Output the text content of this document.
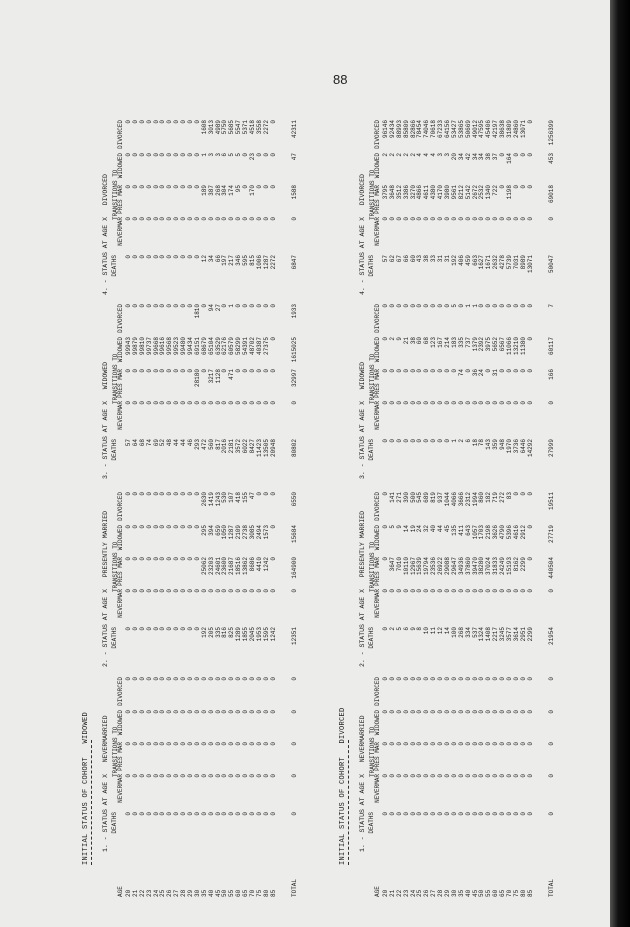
88
INITIAL STATUS OF COHORT   WIDOWED
AGE 20 21 22 23 24 25 26 27 28 29 30 35 40 45 50 55 60 65 70 75 80 85 TOTAL
1. - STATUS AT AGE X   NEVERMARRIED TRANSITIONS TO
DEATHS 0 0 0 0 0 0 0 0 0 0 0 0 0 0 0 0 0 0 0 0 0 0 0
NEVERMAR 0 0 0 0 0 0 0 0 0 0 0 0 0 0 0 0 0 0 0 0 0 0 0
PRES MAR 0 0 0 0 0 0 0 0 0 0 0 0 0 0 0 0 0 0 0 0 0 0 0
WIDOWED 0 0 0 0 0 0 0 0 0 0 0 0 0 0 0 0 0 0 0 0 0 0 0
DIVORCED 0 0 0 0 0 0 0 0 0 0 0 0 0 0 0 0 0 0 0 0 0 0 0
2. - STATUS AT AGE X   PRESENTLY MARRIED TRANSITIONS TO
DEATHS 0 0 0 0 0 0 0 0 0 0 0 192 205 335 816 825 1289 1855 2045 1953 1595 1242 12351
NEVERMAR 0 0 0 0 0 0 0 0 0 0 0 0 0 0 0 0 0 0 0 0 0 0 0
PRES MAR 0 0 0 0 0 0 0 0 0 0 0 25062 23203 24601 23600 21687 18516 13862 8686 4410 1242 0 164900
WIDOWED 0 0 0 0 0 0 0 0 0 0 0 295 394 659 1050 1287 2109 2738 3085 2494 1573 0 15684
DIVORCED 0 0 0 0 0 0 0 0 0 0 0 2630 1419 1243 530 107 418 155 47 0 0 0 6550
3. - STATUS AT AGE X   WIDOWED TRANSITIONS TO
DEATHS 57 64 68 74 69 52 48 44 44 46 293 472 560 817 2016 2181 3572 6022 8427 11423 13505 20948 80802
NEVERMAR 0 0 0 0 0 0 0 0 0 0 0 0 0 0 0 0 0 0 0 0 0 0 0
PRES MAR 0 0 0 0 0 0 0 0 0 0 28180 0 3217 1128 0 471 0 0 0 0 0 0 32997
WIDOWED 99943 99879 99810 99737 99668 99616 99568 99523 99480 99434 69151 68679 65104 63529 62176 60579 58299 54391 48702 40387 27375 0 1615025
DIVORCED 0 0 0 0 0 0 0 0 0 0 1810 0 94 27 0 1 0 0 0 0 0 0 1933
4. - STATUS AT AGE X   DIVORCED TRANSITIONS TO
DEATHS 0 0 0 0 0 0 0 0 0 0 0 12 34 66 197 217 346 595 815 1006 1287 2272 6847
NEVERMAR 0 0 0 0 0 0 0 0 0 0 0 0 0 0 0 0 0 0 0 0 0 0 0
PRES MAR 0 0 0 0 0 0 0 0 0 0 0 189 387 268 304 174 95 0 170 0 0 0 1588
WIDOWED 0 0 0 0 0 0 0 0 0 0 0 1 3 3 6 5 5 0 23 0 0 0 47
DIVORCED 0 0 0 0 0 0 0 0 0 0 0 1608 3013 4989 5750 5685 5547 5371 4518 3558 2272 0 42311
INITIAL STATUS OF COHORT   DIVORCED
AGE 20 21 22 23 24 25 26 27 28 29 30 35 40 45 50 55 60 65 70 75 80 85 TOTAL
1. - STATUS AT AGE X   NEVERMARRIED TRANSITIONS TO
DEATHS 0 0 0 0 0 0 0 0 0 0 0 0 0 0 0 0 0 0 0 0 0 0 0
NEVERMAR 0 0 0 0 0 0 0 0 0 0 0 0 0 0 0 0 0 0 0 0 0 0 0
PRES MAR 0 0 0 0 0 0 0 0 0 0 0 0 0 0 0 0 0 0 0 0 0 0 0
WIDOWED 0 0 0 0 0 0 0 0 0 0 0 0 0 0 0 0 0 0 0 0 0 0 0
DIVORCED 0 0 0 0 0 0 0 0 0 0 0 0 0 0 0 0 0 0 0 0 0 0 0
2. - STATUS AT AGE X   PRESENTLY MARRIED TRANSITIONS TO
DEATHS 0 2 5 6 9 8 10 11 12 14 100 268 334 537 1324 1408 2217 3245 3577 3614 2951 2299 21954
NEVERMAR 0 0 0 0 0 0 0 0 0 0 0 0 0 0 0 0 0 0 0 0 0 0 0
PRES MAR 0 3647 7010 10110 12967 15639 19794 23536 26922 29088 29647 34936 37860 39470 38280 37024 31833 24249 15193 8162 2299 0 440504
WIDOWED 0 5 9 14 19 24 32 40 44 45 135 411 643 1057 1703 2198 3626 4790 5396 4616 2912 0 27719
DIVORCED 0 141 271 390 500 545 689 819 937 1044 4066 3666 2312 1994 860 182 719 272 83 0 0 0 19511
3. - STATUS AT AGE X   WIDOWED TRANSITIONS TO
DEATHS 0 0 0 0 0 0 0 0 0 0 1 2 6 18 78 143 359 948 1970 3736 6446 14292 27999
NEVERMAR 0 0 0 0 0 0 0 0 0 0 0 0 0 0 0 0 0 0 0 0 0 0 0
PRES MAR 0 0 0 0 0 0 0 0 0 0 0 74 0 36 24 0 31 0 0 0 0 0 166
WIDOWED 0 2 9 21 38 60 68 123 167 214 183 335 737 1379 2392 3975 5652 6567 11066 13210 11380 0 60117
DIVORCED 0 0 0 0 0 0 0 0 0 0 5 0 1 1 0 0 0 0 0 0 0 0 7
4. - STATUS AT AGE X   DIVORCED TRANSITIONS TO
DEATHS 57 62 67 66 60 43 38 33 31 31 192 406 459 663 1627 1671 2632 4278 5739 7031 8989 13071 50047
NEVERMAR 0 0 0 0 0 0 0 0 0 0 0 0 0 0 0 0 0 0 0 0 0 0 0
PRES MAR 3795 3648 3512 3386 3270 4866 4611 4380 4170 3980 9561 8212 5142 2672 2532 1340 722 0 1198 0 0 0 69018
WIDOWED 2 2 2 2 2 4 4 4 3 3 20 34 42 34 34 38 37 0 164 0 0 0 453
DIVORCED 96146 92434 88993 85809 82866 78454 74046 70618 67233 64156 53427 53865 50669 49012 47595 45406 42197 38638 31809 24860 13071 0 1256399
